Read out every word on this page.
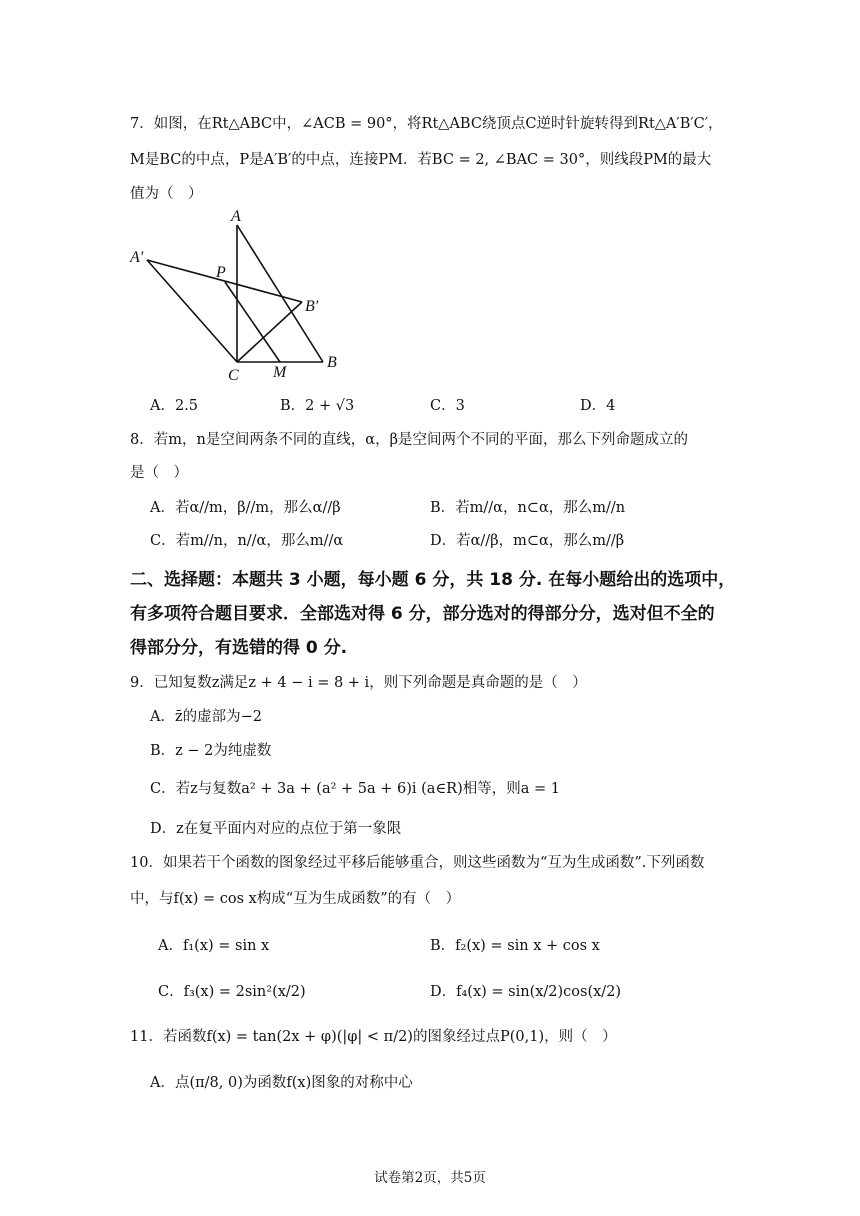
7．如图，在Rt△ABC中，∠ACB = 90°，将Rt△ABC绕顶点C逆时针旋转得到Rt△A′B′C′，
M是BC的中点，P是A′B′的中点，连接PM．若BC = 2, ∠BAC = 30°，则线段PM的最大
值为（　）
A
A′
P
B′
B
C M
A．2.5	B．2 + √3	C．3	D．4
8．若m，n是空间两条不同的直线，α，β是空间两个不同的平面，那么下列命题成立的
是（　）
A．若α//m，β//m，那么α//β	B．若m//α，n⊂α，那么m//n
C．若m//n，n//α，那么m//α	D．若α//β，m⊂α，那么m//β
二、选择题：本题共 3 小题，每小题 6 分，共 18 分. 在每小题给出的选项中，
有多项符合题目要求．全部选对得 6 分，部分选对的得部分分，选对但不全的
得部分分，有选错的得 0 分.
9．已知复数z满足z + 4 − i = 8 + i，则下列命题是真命题的是（　）
A．z̄的虚部为−2
B．z − 2为纯虚数
C．若z与复数a² + 3a + (a² + 5a + 6)i (a∈R)相等，则a = 1
D．z在复平面内对应的点位于第一象限
10．如果若干个函数的图象经过平移后能够重合，则这些函数为“互为生成函数”.下列函数
中，与f(x) = cos x构成“互为生成函数”的有（　）
A．f₁(x) = sin x	B．f₂(x) = sin x + cos x
C．f₃(x) = 2sin²(x/2)	D．f₄(x) = sin(x/2)cos(x/2)
11．若函数f(x) = tan(2x + φ)(|φ| < π/2)的图象经过点P(0,1)，则（　）
A．点(π/8, 0)为函数f(x)图象的对称中心
试卷第2页，共5页
